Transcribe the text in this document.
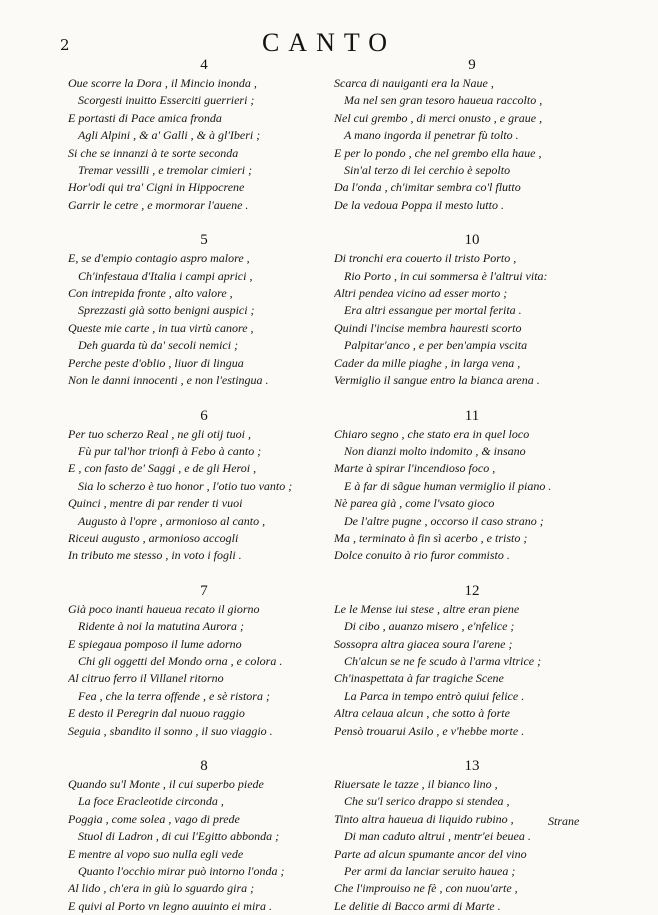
2	CANTO
4
Oue scorre la Dora , il Mincio inonda ,
Scorgesti inuitto Esserciti guerrieri ;
E portasti di Pace amica fronda
Agli Alpini , & a' Galli , & à gl'Iberi ;
Si che se innanzi à te sorte seconda
Tremar vessilli , e tremolar cimieri ;
Hor'odi qui tra' Cigni in Hippocrene
Garrir le cetre , e mormorar l'auene .
5
E, se d'empio contagio aspro malore ,
Ch'infestaua d'Italia i campi aprici ,
Con intrepida fronte , alto valore ,
Sprezzasti già sotto benigni auspici ;
Queste mie carte , in tua virtù canore ,
Deh guarda tù da' secoli nemici ;
Perche peste d'oblio , liuor di lingua
Non le danni innocenti , e non l'estingua .
6
Per tuo scherzo Real , ne gli otij tuoi ,
Fù pur tal'hor trionfi à Febo à canto ;
E , con fasto de' Saggi , e de gli Heroi ,
Sia lo scherzo è tuo honor , l'otio tuo vanto ;
Quinci , mentre di par render ti vuoi
Augusto à l'opre , armonioso al canto ,
Riceui augusto , armonioso accogli
In tributo me stesso , in voto i fogli .
7
Già poco inanti haueua recato il giorno
Ridente à noi la matutina Aurora ;
E spiegaua pomposo il lume adorno
Chi gli oggetti del Mondo orna , e colora .
Al citruo ferro il Villanel ritorno
Fea , che la terra offende , e sè ristora ;
E desto il Peregrin dal nuouo raggio
Seguia , sbandito il sonno , il suo viaggio .
8
Quando su'l Monte , il cui superbo piede
La foce Eracleotide circonda ,
Poggia , come solea , vago di prede
Stuol di Ladron , di cui l'Egitto abbonda ;
E mentre al vopo suo nulla egli vede
Quanto l'occhio mirar può intorno l'onda ;
Al lido , ch'era in giù lo sguardo gira ;
E quivi al Porto vn legno auuinto ei mira .
9
Scarca di nauiganti era la Naue ,
Ma nel sen gran tesoro haueua raccolto ,
Nel cui grembo , di merci onusto , e graue ,
A mano ingorda il penetrar fù tolto .
E per lo pondo , che nel grembo ella haue ,
Sin'al terzo di lei cerchio è sepolto
Da l'onda , ch'imitar sembra co'l flutto
De la vedoua Poppa il mesto lutto .
10
Di tronchi era couerto il tristo Porto ,
Rio Porto , in cui sommersa è l'altrui vita:
Altri pendea vicino ad esser morto ;
Era altri essangue per mortal ferita .
Quindi l'incise membra hauresti scorto
Palpitar'anco , e per ben'ampia vscita
Cader da mille piaghe , in larga vena ,
Vermiglio il sangue entro la bianca arena .
11
Chiaro segno , che stato era in quel loco
Non dianzi molto indomito , & insano
Marte à spirar l'incendioso foco ,
E à far di sãgue human vermiglio il piano .
Nè parea già , come l'vsato gioco
De l'altre pugne , occorso il caso strano ;
Ma , terminato à fin sì acerbo , e tristo ;
Dolce conuito à rio furor commisto .
12
Le le Mense iui stese , altre eran piene
Di cibo , auanzo misero , e'nfelice ;
Sossopra altra giacea soura l'arene ;
Ch'alcun se ne fe scudo à l'arma vltrice ;
Ch'inaspettata à far tragiche Scene
La Parca in tempo entrò quiui felice .
Altra celaua alcun , che sotto à forte
Pensò trouarui Asilo , e v'hebbe morte .
13
Riuersate le tazze , il bianco lino ,
Che su'l serico drappo si stendea ,
Tinto altra haueua di liquido rubino ,
Di man caduto altrui , mentr'ei beuea .
Parte ad alcun spumante ancor del vino
Per armi da lanciar seruito hauea ;
Che l'improuiso ne fè , con nuou'arte ,
Le delitie di Bacco armi di Marte .
Strane
